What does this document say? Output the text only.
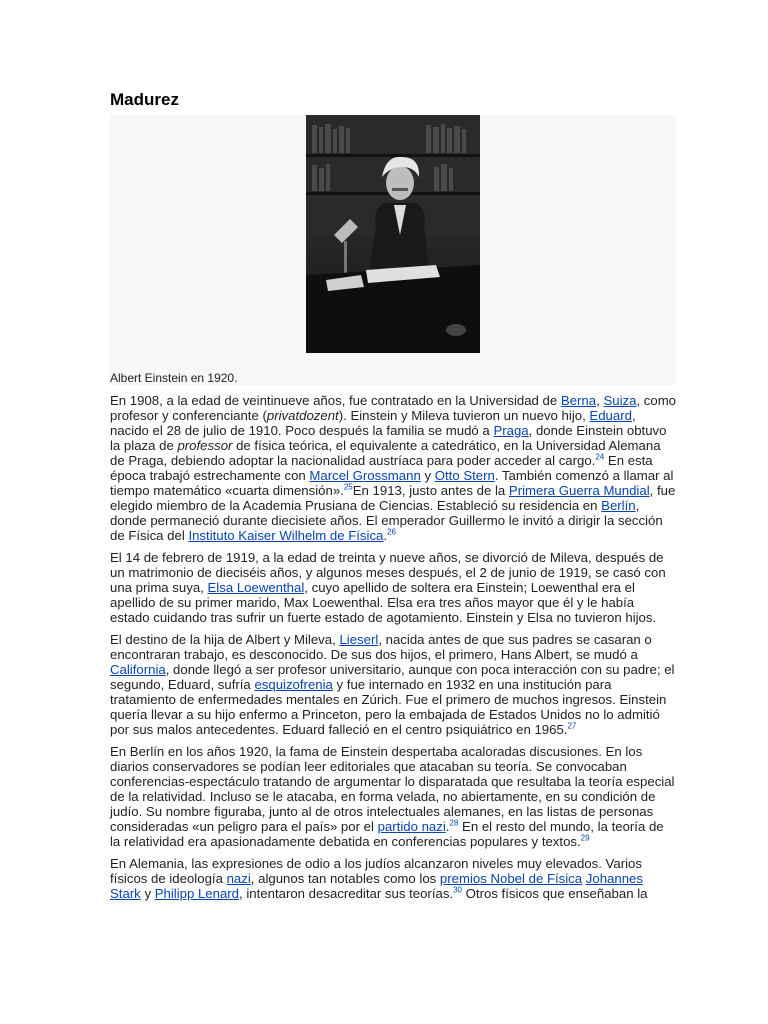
Madurez
Albert Einstein en 1920.

En 1908, a la edad de veintinueve años, fue contratado en la Universidad de Berna, Suiza, como profesor y conferenciante (privatdozent). Einstein y Mileva tuvieron un nuevo hijo, Eduard, nacido el 28 de julio de 1910. Poco después la familia se mudó a Praga, donde Einstein obtuvo la plaza de professor de física teórica, el equivalente a catedrático, en la Universidad Alemana de Praga, debiendo adoptar la nacionalidad austríaca para poder acceder al cargo.$^{24}$ En esta época trabajó estrechamente con Marcel Grossmann y Otto Stern. También comenzó a llamar al tiempo matemático «cuarta dimensión».$^{25}$En 1913, justo antes de la Primera Guerra Mundial, fue elegido miembro de la Academia Prusiana de Ciencias. Estableció su residencia en Berlín, donde permaneció durante diecisiete años. El emperador Guillermo le invitó a dirigir la sección de Física del Instituto Kaiser Wilhelm de Física.$^{26}$

El 14 de febrero de 1919, a la edad de treinta y nueve años, se divorció de Mileva, después de un matrimonio de dieciséis años, y algunos meses después, el 2 de junio de 1919, se casó con una prima suya, Elsa Loewenthal, cuyo apellido de soltera era Einstein; Loewenthal era el apellido de su primer marido, Max Loewenthal. Elsa era tres años mayor que él y le había estado cuidando tras sufrir un fuerte estado de agotamiento. Einstein y Elsa no tuvieron hijos.

El destino de la hija de Albert y Mileva, Lieserl, nacida antes de que sus padres se casaran o encontraran trabajo, es desconocido. De sus dos hijos, el primero, Hans Albert, se mudó a California, donde llegó a ser profesor universitario, aunque con poca interacción con su padre; el segundo, Eduard, sufría esquizofrenia y fue internado en 1932 en una institución para tratamiento de enfermedades mentales en Zúrich. Fue el primero de muchos ingresos. Einstein quería llevar a su hijo enfermo a Princeton, pero la embajada de Estados Unidos no lo admitió por sus malos antecedentes. Eduard falleció en el centro psiquiátrico en 1965.27

En Berlín en los años 1920, la fama de Einstein despertaba acaloradas discusiones. En los diarios conservadores se podían leer editoriales que atacaban su teoría. Se convocaban conferencias-espectáculo tratando de argumentar lo disparatada que resultaba la teoría especial de la relatividad. Incluso se le atacaba, en forma velada, no abiertamente, en su condición de judío. Su nombre figuraba, junto al de otros intelectuales alemanes, en las listas de personas consideradas «un peligro para el país» por el partido nazi.$^{28}$ En el resto del mundo, la teoría de la relatividad era apasionadamente debatida en conferencias populares y textos.$^{29}$

En Alemania, las expresiones de odio a los judíos alcanzaron niveles muy elevados. Varios físicos de ideología nazi, algunos tan notables como los premios Nobel de Física Johannes Stark y Philipp Lenard, intentaron desacreditar sus teorías.$^{30}$ Otros físicos que enseñaban la
